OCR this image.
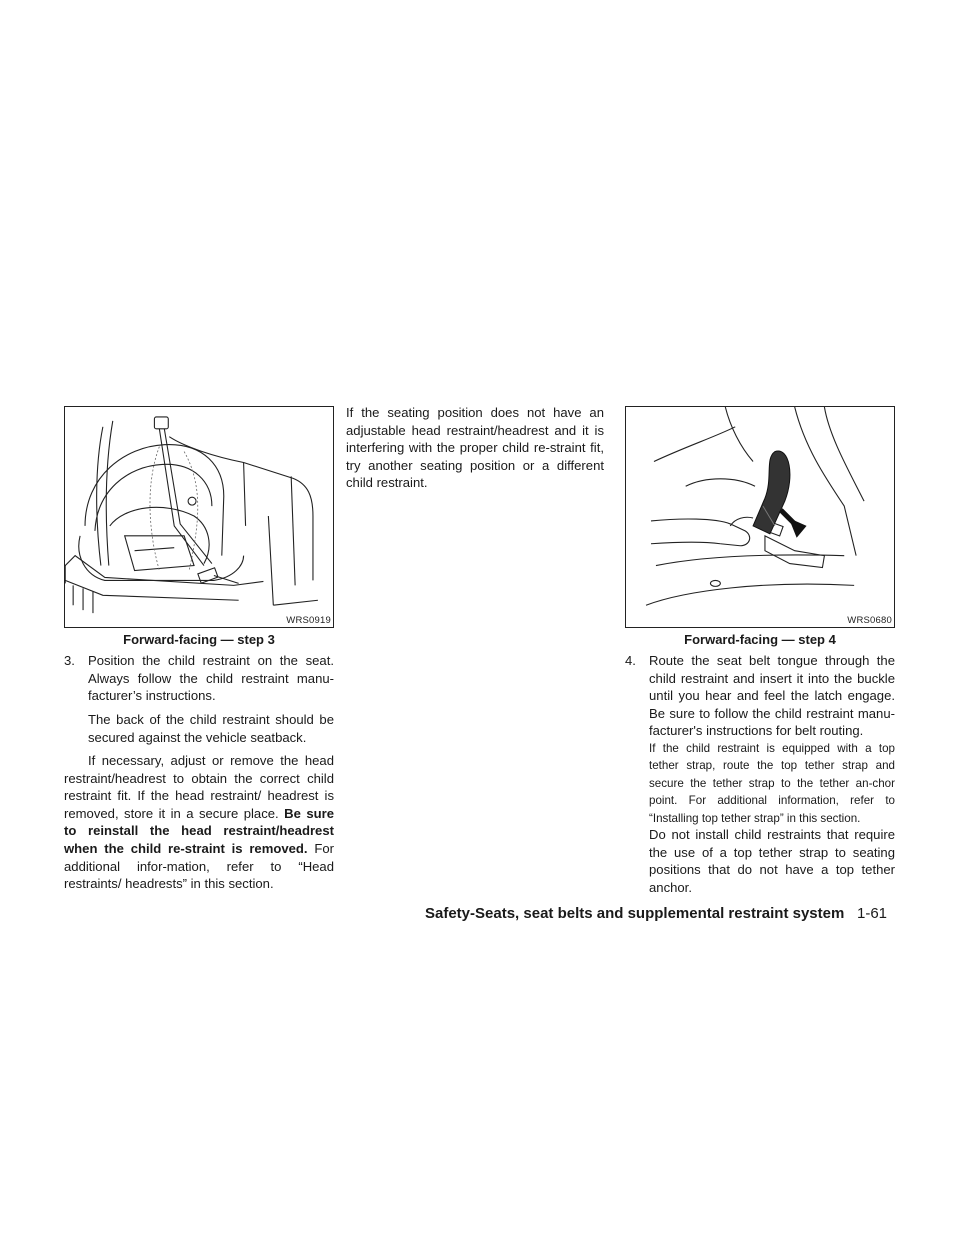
WRS0919
Forward-facing — step 3
3. Position the child restraint on the seat. Always follow the child restraint manu-facturer’s instructions.

The back of the child restraint should be secured against the vehicle seatback.

If necessary, adjust or remove the head restraint/headrest to obtain the correct child restraint fit. If the head restraint/ headrest is removed, store it in a secure place. Be sure to reinstall the head restraint/headrest when the child re-straint is removed. For additional infor-mation, refer to “Head restraints/ headrests” in this section.

If the seating position does not have an adjustable head restraint/headrest and it is interfering with the proper child re-straint fit, try another seating position or a different child restraint.

WRS0680
Forward-facing — step 4
4. Route the seat belt tongue through the child restraint and insert it into the buckle until you hear and feel the latch engage. Be sure to follow the child restraint manu-facturer's instructions for belt routing.

If the child restraint is equipped with a top tether strap, route the top tether strap and secure the tether strap to the tether an-chor point. For additional information, refer to “Installing top tether strap” in this section.

Do not install child restraints that require the use of a top tether strap to seating positions that do not have a top tether anchor.

Safety-Seats, seat belts and supplemental restraint system 1-61
